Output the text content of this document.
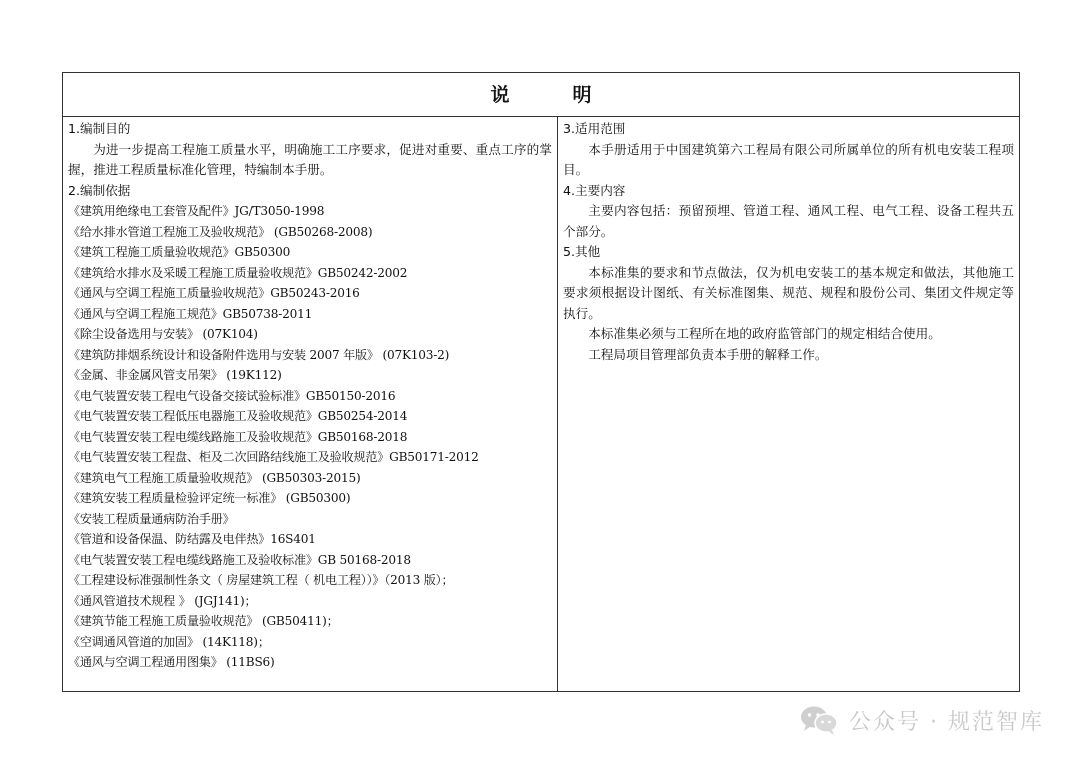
说　明
1.编制目的
为进一步提高工程施工质量水平，明确施工工序要求，促进对重要、重点工序的掌握，推进工程质量标准化管理，特编制本手册。
2.编制依据
《建筑用绝缘电工套管及配件》JG/T3050-1998
《给水排水管道工程施工及验收规范》 (GB50268-2008)
《建筑工程施工质量验收规范》GB50300
《建筑给水排水及采暖工程施工质量验收规范》GB50242-2002
《通风与空调工程施工质量验收规范》GB50243-2016
《通风与空调工程施工规范》GB50738-2011
《除尘设备选用与安装》 (07K104)
《建筑防排烟系统设计和设备附件选用与安装 2007 年版》 (07K103-2)
《金属、非金属风管支吊架》 (19K112)
《电气装置安装工程电气设备交接试验标准》GB50150-2016
《电气装置安装工程低压电器施工及验收规范》GB50254-2014
《电气装置安装工程电缆线路施工及验收规范》GB50168-2018
《电气装置安装工程盘、柜及二次回路结线施工及验收规范》GB50171-2012
《建筑电气工程施工质量验收规范》 (GB50303-2015)
《建筑安装工程质量检验评定统一标准》 (GB50300)
《安装工程质量通病防治手册》
《管道和设备保温、防结露及电伴热》16S401
《电气装置安装工程电缆线路施工及验收标准》GB 50168-2018
《工程建设标准强制性条文（ 房屋建筑工程（ 机电工程））》（2013 版）；
《通风管道技术规程 》 (JGJ141)；
《建筑节能工程施工质量验收规范》 (GB50411)；
《空调通风管道的加固》 (14K118)；
《通风与空调工程通用图集》 (11BS6)
3.适用范围
本手册适用于中国建筑第六工程局有限公司所属单位的所有机电安装工程项目。
4.主要内容
主要内容包括：预留预埋、管道工程、通风工程、电气工程、设备工程共五个部分。
5.其他
本标准集的要求和节点做法，仅为机电安装工的基本规定和做法，其他施工要求须根据设计图纸、有关标准图集、规范、规程和股份公司、集团文件规定等执行。
本标准集必须与工程所在地的政府监管部门的规定相结合使用。
工程局项目管理部负责本手册的解释工作。
公众号 · 规范智库
